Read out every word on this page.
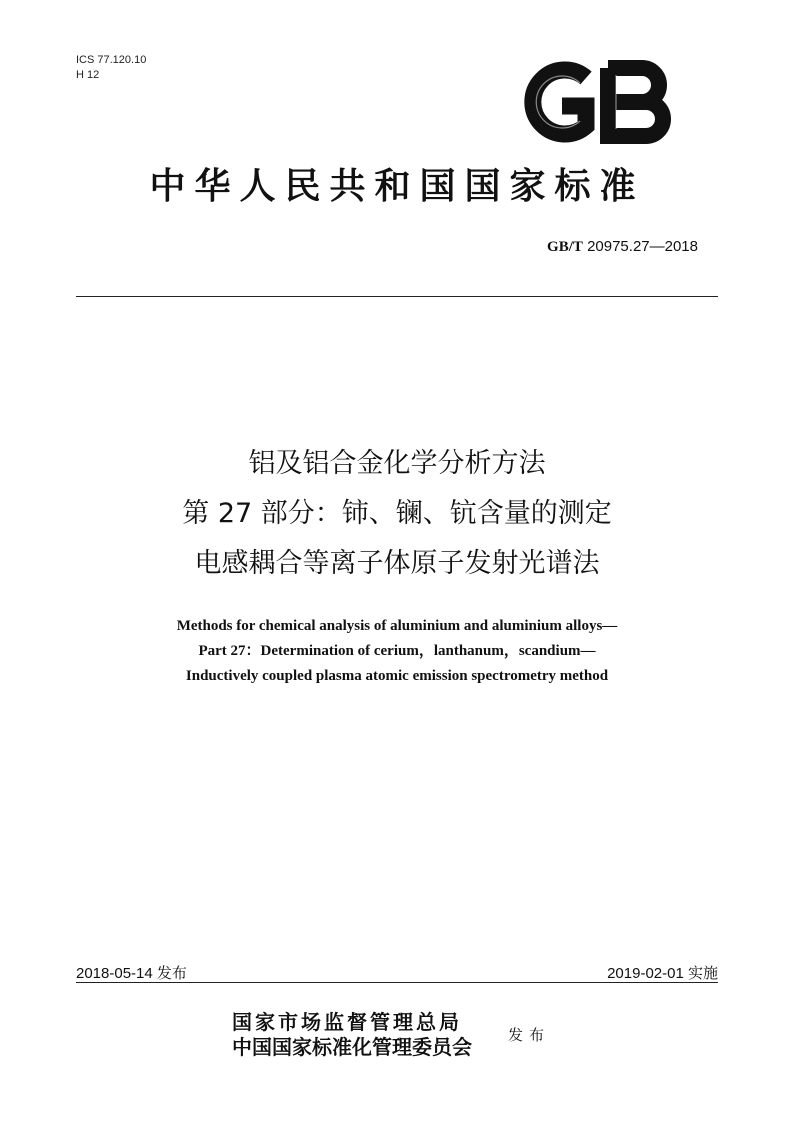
ICS 77.120.10
H 12
中华人民共和国国家标准
GB/T 20975.27—2018
铝及铝合金化学分析方法
第 27 部分：铈、镧、钪含量的测定
电感耦合等离子体原子发射光谱法
Methods for chemical analysis of aluminium and aluminium alloys—
Part 27：Determination of cerium，lanthanum，scandium—
Inductively coupled plasma atomic emission spectrometry method
2018-05-14 发布	2019-02-01 实施
国家市场监督管理总局
中国国家标准化管理委员会 发布
